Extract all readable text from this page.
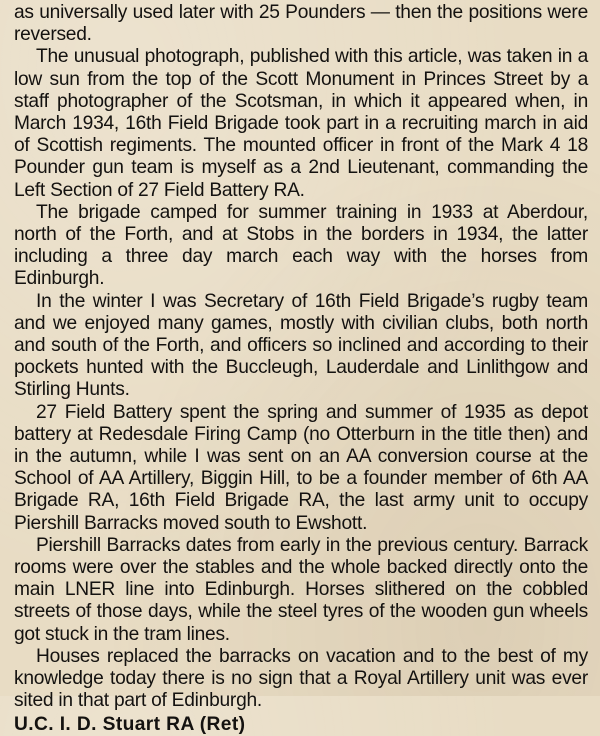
as universally used later with 25 Pounders — then the positions were reversed.

The unusual photograph, published with this article, was taken in a low sun from the top of the Scott Monument in Princes Street by a staff photographer of the Scotsman, in which it appeared when, in March 1934, 16th Field Brigade took part in a recruiting march in aid of Scottish regiments. The mounted officer in front of the Mark 4 18 Pounder gun team is myself as a 2nd Lieutenant, commanding the Left Section of 27 Field Battery RA.

The brigade camped for summer training in 1933 at Aberdour, north of the Forth, and at Stobs in the borders in 1934, the latter including a three day march each way with the horses from Edinburgh.

In the winter I was Secretary of 16th Field Brigade’s rugby team and we enjoyed many games, mostly with civilian clubs, both north and south of the Forth, and officers so inclined and according to their pockets hunted with the Buccleugh, Lauderdale and Linlithgow and Stirling Hunts.

27 Field Battery spent the spring and summer of 1935 as depot battery at Redesdale Firing Camp (no Otterburn in the title then) and in the autumn, while I was sent on an AA conversion course at the School of AA Artillery, Biggin Hill, to be a founder member of 6th AA Brigade RA, 16th Field Brigade RA, the last army unit to occupy Piershill Barracks moved south to Ewshott.

Piershill Barracks dates from early in the previous century. Barrack rooms were over the stables and the whole backed directly onto the main LNER line into Edinburgh. Horses slithered on the cobbled streets of those days, while the steel tyres of the wooden gun wheels got stuck in the tram lines.

Houses replaced the barracks on vacation and to the best of my knowledge today there is no sign that a Royal Artillery unit was ever sited in that part of Edinburgh.

U.C. I. D. Stuart RA (Ret)
